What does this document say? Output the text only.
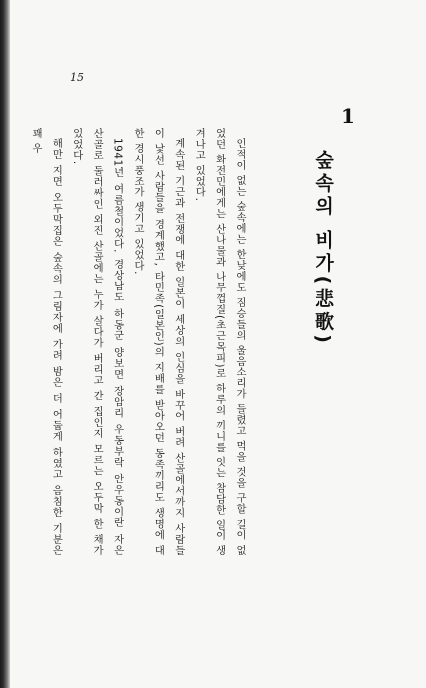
15
1
숲속의 비가(悲歌)

인적이 없는 숲속에는 한낮에도 짐승들의 울음소리가 들렸고 먹을 것을 구할 길이 없었던 화전민에게는 산나물과 나무껍질(초근목피)로 하루의 끼니를 잇는 참담한 일이 생겨나고 있었다.

계속된 기근과 전쟁에 대한 일본이 세상의 인심을 바꾸어 버려 산골에서까지 사람들이 낯선 사람들을 경계했고, 타민족(일본인)의 지배를 받아오던 동족끼리도 생명에 대한 경시풍조가 생기고 있었다.

1941년 여름철이었다. 경상남도 하동군 양보면 장암리 우동부락 안우동이란 자은 산골로 둘러싸인 외진 산골에는 누가 살다가 버리고 간 집인지 모르는 오두막 한 채가 있었다.

해만 지면 오두막집은 숲속의 그림자에 가려 밤은 더 어둡게 하였고 음침한 기분은 꽤 우
